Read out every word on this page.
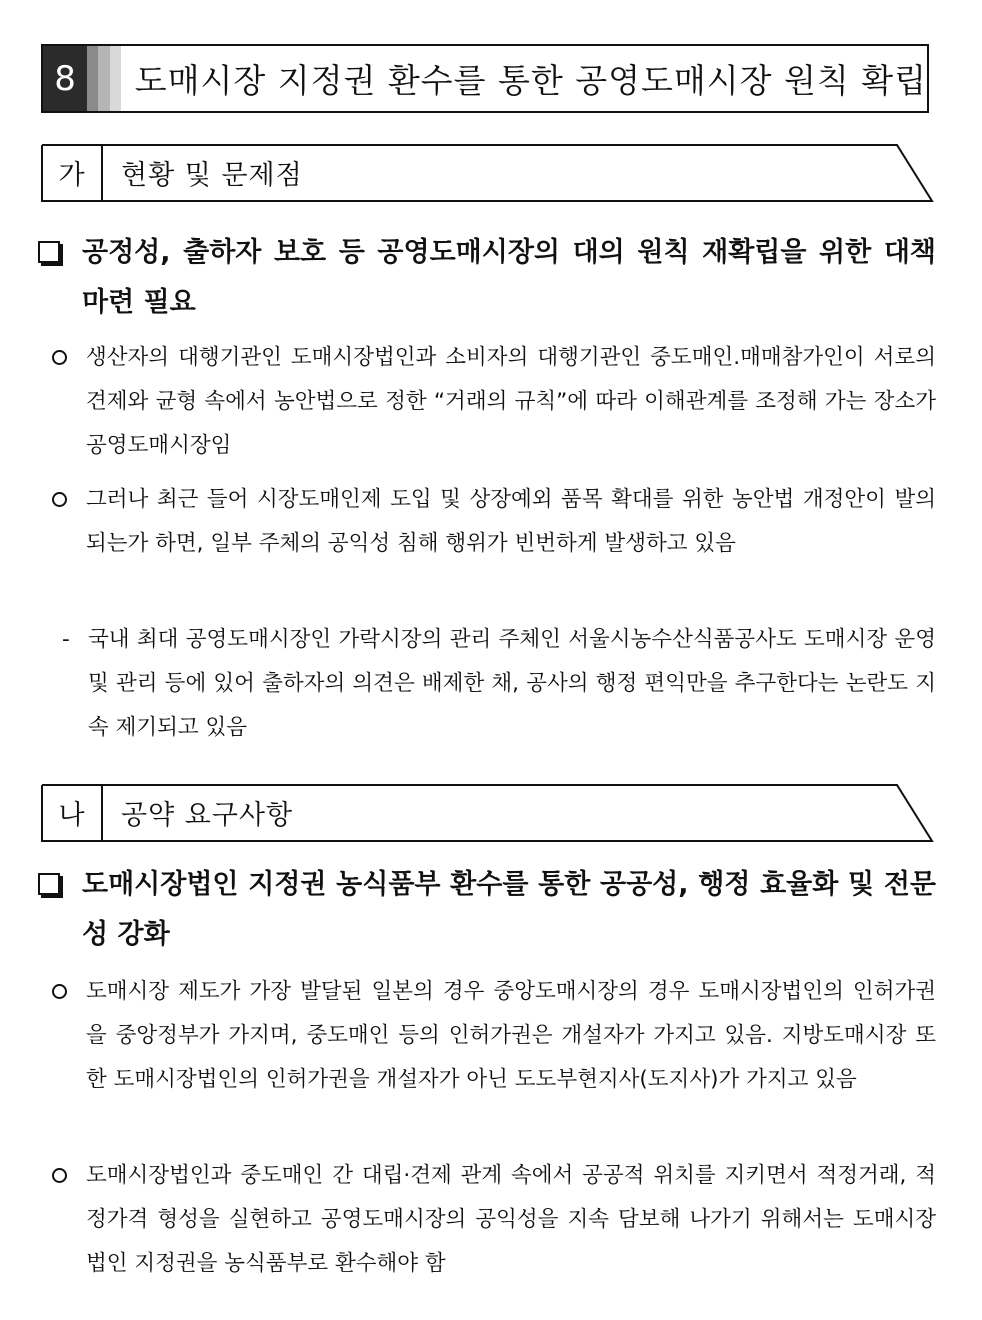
8	도매시장 지정권 환수를 통한 공영도매시장 원칙 확립
가	현황 및 문제점
공정성, 출하자 보호 등 공영도매시장의 대의 원칙 재확립을 위한 대책 마련 필요
생산자의 대행기관인 도매시장법인과 소비자의 대행기관인 중도매인.매매참가인이 서로의 견제와 균형 속에서 농안법으로 정한 “거래의 규칙”에 따라 이해관계를 조정해 가는 장소가 공영도매시장임
그러나 최근 들어 시장도매인제 도입 및 상장예외 품목 확대를 위한 농안법 개정안이 발의 되는가 하면, 일부 주체의 공익성 침해 행위가 빈번하게 발생하고 있음
- 국내 최대 공영도매시장인 가락시장의 관리 주체인 서울시농수산식품공사도 도매시장 운영 및 관리 등에 있어 출하자의 의견은 배제한 채, 공사의 행정 편익만을 추구한다는 논란도 지속 제기되고 있음
나	공약 요구사항
도매시장법인 지정권 농식품부 환수를 통한 공공성, 행정 효율화 및 전문성 강화
도매시장 제도가 가장 발달된 일본의 경우 중앙도매시장의 경우 도매시장법인의 인허가권을 중앙정부가 가지며, 중도매인 등의 인허가권은 개설자가 가지고 있음. 지방도매시장 또한 도매시장법인의 인허가권을 개설자가 아닌 도도부현지사(도지사)가 가지고 있음
도매시장법인과 중도매인 간 대립·견제 관계 속에서 공공적 위치를 지키면서 적정거래, 적정가격 형성을 실현하고 공영도매시장의 공익성을 지속 담보해 나가기 위해서는 도매시장법인 지정권을 농식품부로 환수해야 함
